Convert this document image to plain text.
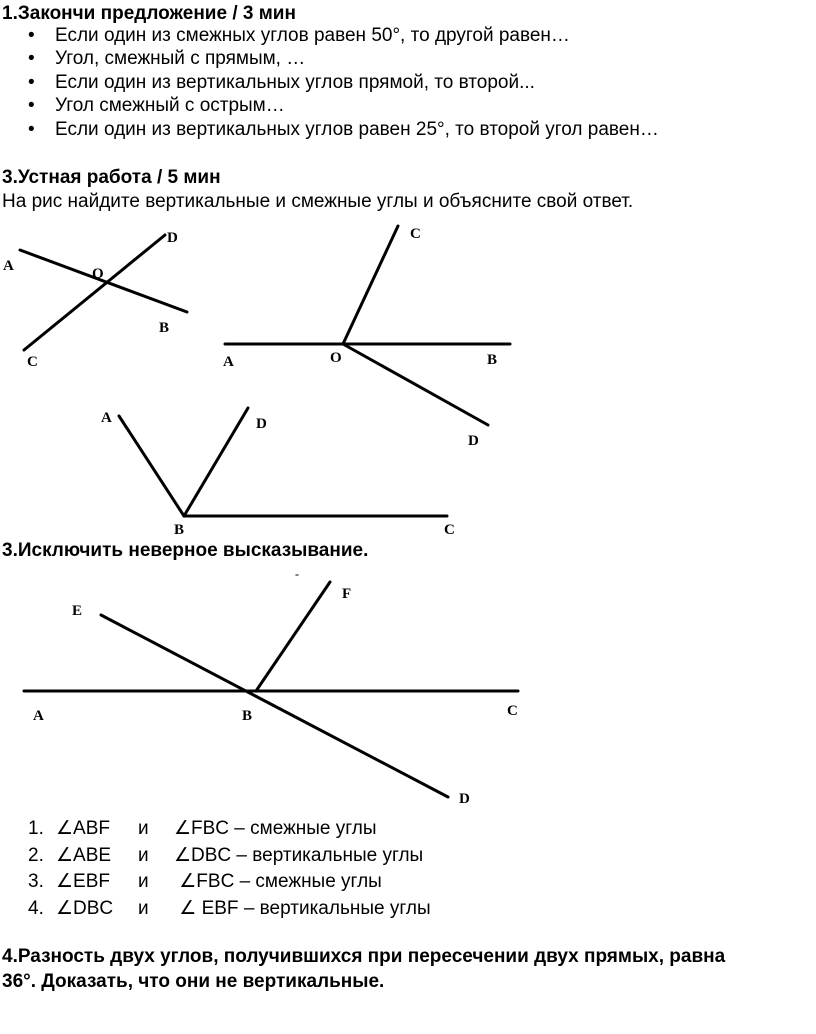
1.Закончи предложение / 3 мин
• Если один из смежных углов равен 50°, то другой равен…
• Угол, смежный с прямым, …
• Если один из вертикальных углов прямой, то второй...
• Угол смежный с острым…
• Если один из вертикальных углов равен 25°, то второй угол равен…
3.Устная работа / 5 мин
На рис найдите вертикальные и смежные углы и объясните свой ответ.
A
D
O
B
C
C
A	O	B
D
A	D
B	C
3.Исключить неверное высказывание.
-
E
F
A	B	C
D
1. ∠ABF и ∠FBC – смежные углы
2. ∠ABE и ∠DBC – вертикальные углы
3. ∠EBF и ∠FBC – смежные углы
4. ∠DBC и ∠ EBF – вертикальные углы
4.Разность двух углов, получившихся при пересечении двух прямых, равна
36°. Доказать, что они не вертикальные.
